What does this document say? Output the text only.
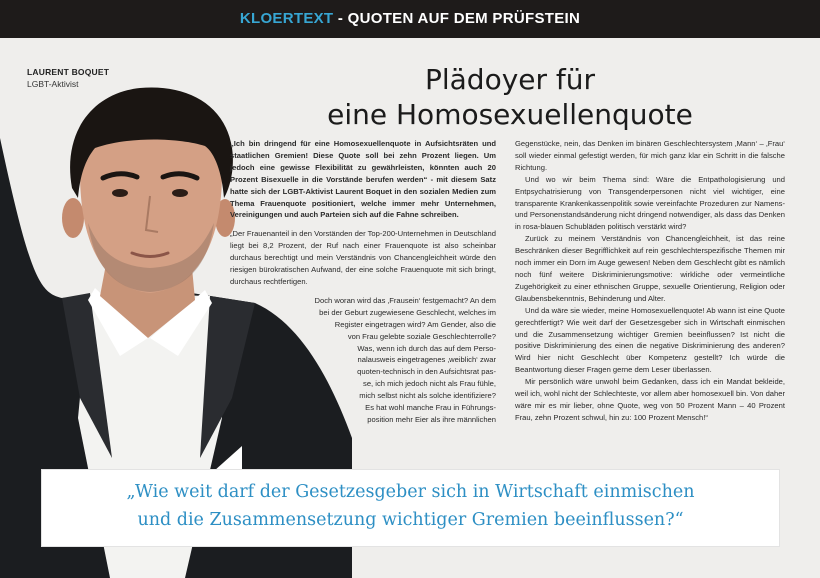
KLOERTEXT - QUOTEN AUF DEM PRÜFSTEIN
LAURENT BOQUET
LGBT-Aktivist	Plädoyer für
eine Homosexuellenquote

„Ich bin dringend für eine Homosexuellenquote in Aufsichtsräten und staatlichen Gremien! Diese Quote soll bei zehn Prozent liegen. Um jedoch eine gewisse Flexibilität zu gewährleisten, könnten auch 20 Prozent Bisexuelle in die Vorstände berufen werden“ - mit diesem Satz hatte sich der LGBT-Aktivist Laurent Boquet in den sozialen Medien zum Thema Frauenquote positioniert, welche immer mehr Unternehmen, Vereinigungen und auch Parteien sich auf die Fahne schreiben.

„Der Frauenanteil in den Vorständen der Top-200-Unternehmen in Deutschland liegt bei 8,2 Prozent, der Ruf nach einer Frauenquote ist also scheinbar durchaus berechtigt und mein Verständnis von Chancengleichheit würde den riesigen bürokratischen Aufwand, der eine solche Frauenquote mit sich bringt, durchaus rechtfertigen.

Doch woran wird das ‚Frausein‘ festgemacht? An dem
bei der Geburt zugewiesene Geschlecht, welches im
Register eingetragen wird? Am Gender, also die
von Frau gelebte soziale Geschlechterrolle?
Was, wenn ich durch das auf dem Perso-
nalausweis eingetragenes ‚weiblich‘ zwar
quoten-technisch in den Aufsichtsrat pas-
se, ich mich jedoch nicht als Frau fühle,
mich selbst nicht als solche identifiziere?
Es hat wohl manche Frau in Führungs-
position mehr Eier als ihre männlichen

Gegenstücke, nein, das Denken im binären Geschlechtersystem ‚Mann‘ – ‚Frau‘ soll wieder einmal gefestigt werden, für mich ganz klar ein Schritt in die falsche Richtung.

Und wo wir beim Thema sind: Wäre die Entpathologisierung und Entpsychatrisierung von Transgenderpersonen nicht viel wichtiger, eine transparente Krankenkassenpolitik sowie vereinfachte Prozeduren zur Namens- und Personenstandsänderung nicht dringend notwendiger, als dass das Denken in rosa-blauen Schubläden politisch verstärkt wird?

Zurück zu meinem Verständnis von Chancengleichheit, ist das reine Beschränken dieser Begrifflichkeit auf rein geschlechterspezifische Themen mir noch immer ein Dorn im Auge gewesen! Neben dem Geschlecht gibt es nämlich noch fünf weitere Diskriminierungsmotive: wirkliche oder vermeintliche Zugehörigkeit zu einer ethnischen Gruppe, sexuelle Orientierung, Religion oder Glaubensbekenntnis, Behinderung und Alter.

Und da wäre sie wieder, meine Homosexuellenquote! Ab wann ist eine Quote gerechtfertigt? Wie weit darf der Gesetzesgeber sich in Wirtschaft einmischen und die Zusammensetzung wichtiger Gremien beeinflussen? Ist nicht die positive Diskriminierung des einen die negative Diskriminierung des anderen? Wird hier nicht Geschlecht über Kompetenz gestellt? Ich würde die Beantwortung dieser Fragen gerne dem Leser überlassen.

Mir persönlich wäre unwohl beim Gedanken, dass ich ein Mandat bekleide, weil ich, wohl nicht der Schlechteste, vor allem aber homosexuell bin. Von daher wäre mir es mir lieber, ohne Quote, weg von 50 Prozent Mann – 40 Prozent Frau, zehn Prozent schwul, hin zu: 100 Prozent Mensch!“

„Wie weit darf der Gesetzesgeber sich in Wirtschaft einmischen
und die Zusammensetzung wichtiger Gremien beeinflussen?“
